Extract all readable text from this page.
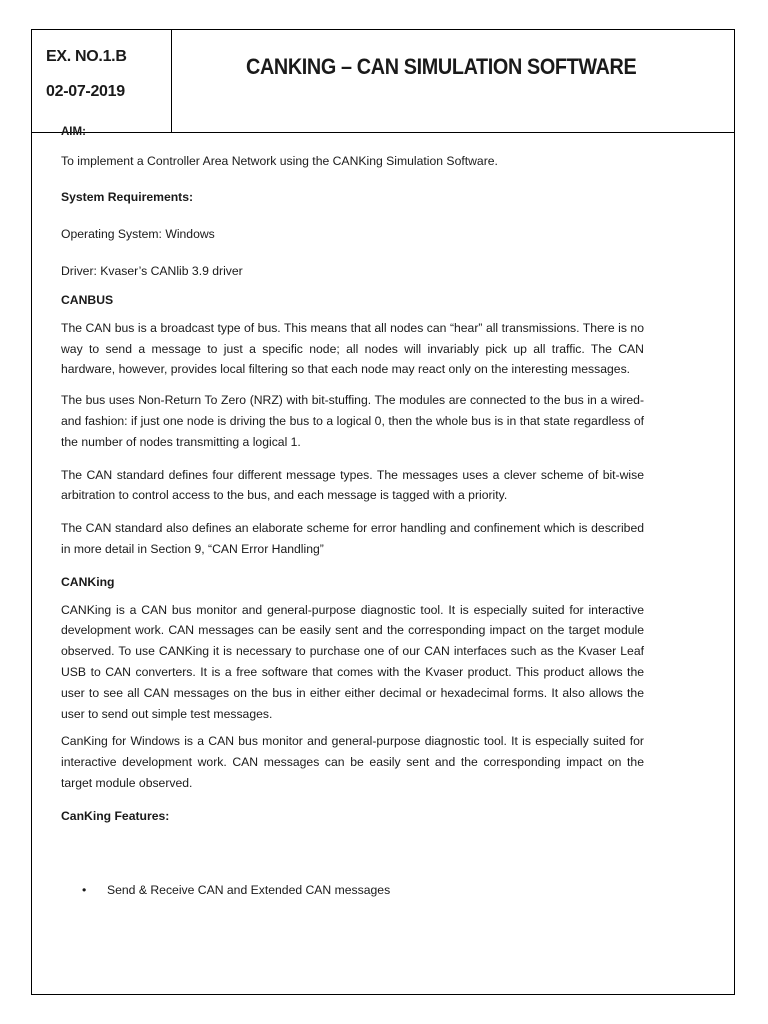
EX. NO.1.B
02-07-2019
CANKING – CAN SIMULATION SOFTWARE

AIM:

To implement a Controller Area Network using the CANKing Simulation Software.

System Requirements:

Operating System: Windows

Driver: Kvaser’s CANlib 3.9 driver

CANBUS

The CAN bus is a broadcast type of bus. This means that all nodes can “hear” all transmissions. There is no way to send a message to just a specific node; all nodes will invariably pick up all traffic. The CAN hardware, however, provides local filtering so that each node may react only on the interesting messages.

The bus uses Non-Return To Zero (NRZ) with bit-stuffing. The modules are connected to the bus in a wired-and fashion: if just one node is driving the bus to a logical 0, then the whole bus is in that state regardless of the number of nodes transmitting a logical 1.

The CAN standard defines four different message types. The messages uses a clever scheme of bit-wise arbitration to control access to the bus, and each message is tagged with a priority.

The CAN standard also defines an elaborate scheme for error handling and confinement which is described in more detail in Section 9, “CAN Error Handling”

CANKing

CANKing is a CAN bus monitor and general-purpose diagnostic tool. It is especially suited for interactive development work. CAN messages can be easily sent and the corresponding impact on the target module observed. To use CANKing it is necessary to purchase one of our CAN interfaces such as the Kvaser Leaf USB to CAN converters. It is a free software that comes with the Kvaser product. This product allows the user to see all CAN messages on the bus in either either decimal or hexadecimal forms. It also allows the user to send out simple test messages.

CanKing for Windows is a CAN bus monitor and general-purpose diagnostic tool. It is especially suited for interactive development work. CAN messages can be easily sent and the corresponding impact on the target module observed.

CanKing Features:

• Send & Receive CAN and Extended CAN messages
